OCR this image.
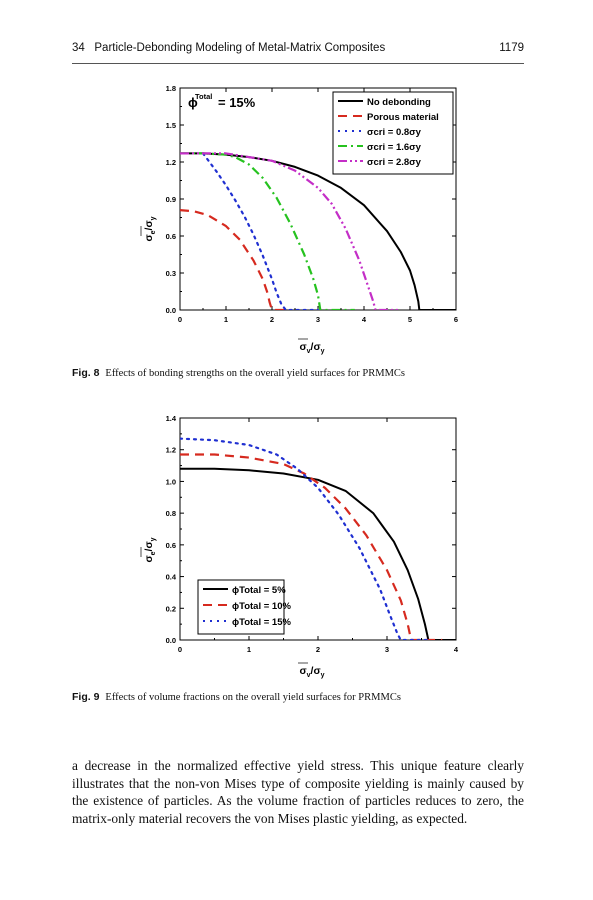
34   Particle-Debonding Modeling of Metal-Matrix Composites	1179
0	1	2	3	4	5	6
0.0
0.3
0.6
0.9
1.2
1.5
1.8
No debonding
Porous material
σcri = 0.8σy
σcri = 1.6σy
σcri = 2.8σy
ϕ
Total = 15%
$\sigma_e/\sigma_y$
$\sigma_v/\sigma_y$
Fig. 8 Effects of bonding strengths on the overall yield surfaces for PRMMCs
0	1	2	3	4
0.0
0.2
0.4
0.6
0.8
1.0
1.2
1.4
ϕTotal = 5%
ϕTotal = 10%
ϕTotal = 15%
$\sigma_e/\sigma_y$
$\sigma_v/\sigma_y$
Fig. 9 Effects of volume fractions on the overall yield surfaces for PRMMCs

a decrease in the normalized effective yield stress. This unique feature clearly illustrates that the non-von Mises type of composite yielding is mainly caused by the existence of particles. As the volume fraction of particles reduces to zero, the matrix-only material recovers the von Mises plastic yielding, as expected.
